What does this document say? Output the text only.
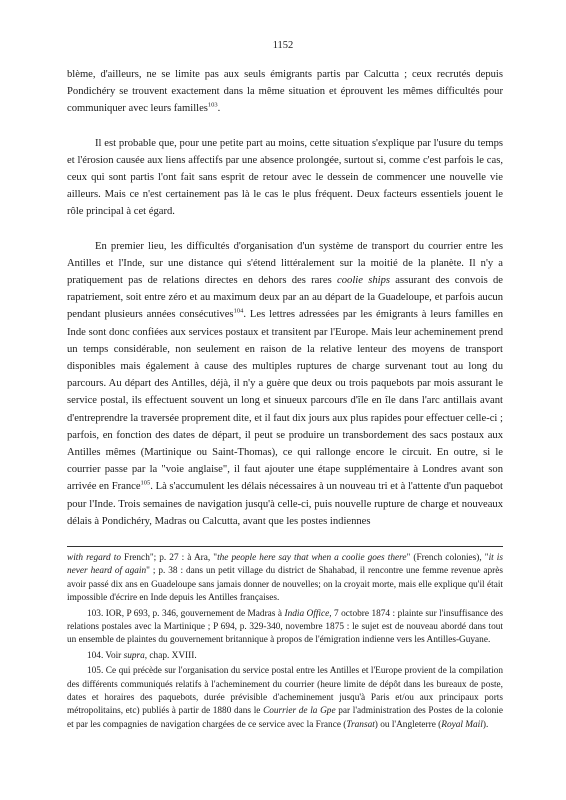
1152

blème, d'ailleurs, ne se limite pas aux seuls émigrants partis par Calcutta ; ceux recrutés depuis Pondichéry se trouvent exactement dans la même situation et éprouvent les mêmes difficultés pour communiquer avec leurs familles$^{103}$.

Il est probable que, pour une petite part au moins, cette situation s'explique par l'usure du temps et l'érosion causée aux liens affectifs par une absence prolongée, surtout si, comme c'est parfois le cas, ceux qui sont partis l'ont fait sans esprit de retour avec le dessein de commencer une nouvelle vie ailleurs. Mais ce n'est certainement pas là le cas le plus fréquent. Deux facteurs essentiels jouent le rôle principal à cet égard.

En premier lieu, les difficultés d'organisation d'un système de transport du courrier entre les Antilles et l'Inde, sur une distance qui s'étend littéralement sur la moitié de la planète. Il n'y a pratiquement pas de relations directes en dehors des rares coolie ships assurant des convois de rapatriement, soit entre zéro et au maximum deux par an au départ de la Guadeloupe, et parfois aucun pendant plusieurs années consécutives$^{104}$. Les lettres adressées par les émigrants à leurs familles en Inde sont donc confiées aux services postaux et transitent par l'Europe. Mais leur acheminement prend un temps considérable, non seulement en raison de la relative lenteur des moyens de transport disponibles mais également à cause des multiples ruptures de charge survenant tout au long du parcours. Au départ des Antilles, déjà, il n'y a guère que deux ou trois paquebots par mois assurant le service postal, ils effectuent souvent un long et sinueux parcours d'île en île dans l'arc antillais avant d'entreprendre la traversée proprement dite, et il faut dix jours aux plus rapides pour effectuer celle-ci ; parfois, en fonction des dates de départ, il peut se produire un transbordement des sacs postaux aux Antilles mêmes (Martinique ou Saint-Thomas), ce qui rallonge encore le circuit. En outre, si le courrier passe par la "voie anglaise", il faut ajouter une étape supplémentaire à Londres avant son arrivée en France$^{105}$. Là s'accumulent les délais nécessaires à un nouveau tri et à l'attente d'un paquebot pour l'Inde. Trois semaines de navigation jusqu'à celle-ci, puis nouvelle rupture de charge et nouveaux délais à Pondichéry, Madras ou Calcutta, avant que les postes indiennes

with regard to French"; p. 27 : à Ara, "the people here say that when a coolie goes there" (French colonies), "it is never heard of again" ; p. 38 : dans un petit village du district de Shahabad, il rencontre une femme revenue après avoir passé dix ans en Guadeloupe sans jamais donner de nouvelles; on la croyait morte, mais elle explique qu'il était impossible d'écrire en Inde depuis les Antilles françaises.

103. IOR, P 693, p. 346, gouvernement de Madras à India Office, 7 octobre 1874 : plainte sur l'insuffisance des relations postales avec la Martinique ; P 694, p. 329-340, novembre 1875 : le sujet est de nouveau abordé dans tout un ensemble de plaintes du gouvernement britannique à propos de l'émigration indienne vers les Antilles-Guyane.

104. Voir supra, chap. XVIII.

105. Ce qui précède sur l'organisation du service postal entre les Antilles et l'Europe provient de la compilation des différents communiqués relatifs à l'acheminement du courrier (heure limite de dépôt dans les bureaux de poste, dates et horaires des paquebots, durée prévisible d'acheminement jusqu'à Paris et/ou aux principaux ports métropolitains, etc) publiés à partir de 1880 dans le Courrier de la Gpe par l'administration des Postes de la colonie et par les compagnies de navigation chargées de ce service avec la France (Transat) ou l'Angleterre (Royal Mail).
